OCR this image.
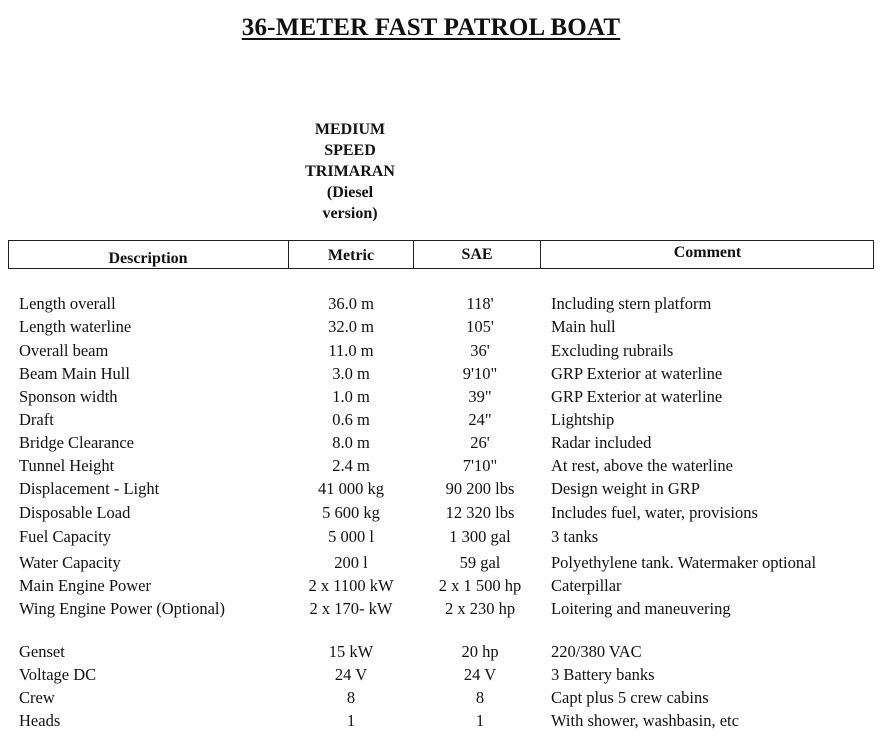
36-METER FAST PATROL BOAT
MEDIUM
SPEED
TRIMARAN
(Diesel
version)
Description	Metric	SAE	Comment
Length overall	36.0 m	118'	Including stern platform
Length waterline	32.0 m	105'	Main hull
Overall beam	11.0 m	36'	Excluding rubrails
Beam Main Hull	3.0 m	9'10"	GRP Exterior at waterline
Sponson width	1.0 m	39"	GRP Exterior at waterline
Draft	0.6 m	24"	Lightship
Bridge Clearance	8.0 m	26'	Radar included
Tunnel Height	2.4 m	7'10"	At rest, above the waterline
Displacement - Light	41 000 kg	90 200 lbs	Design weight in GRP
Disposable Load	5 600 kg	12 320 lbs	Includes fuel, water, provisions
Fuel Capacity	5 000 l	1 300 gal	3 tanks
Water Capacity	200 l	59 gal	Polyethylene tank. Watermaker optional
Main Engine Power	2 x 1100 kW	2 x 1 500 hp	Caterpillar
Wing Engine Power (Optional)	2 x 170- kW	2 x 230 hp	Loitering and maneuvering
Genset	15 kW	20 hp	220/380 VAC
Voltage DC	24 V	24 V	3 Battery banks
Crew	8	8	Capt plus 5 crew cabins
Heads	1	1	With shower, washbasin, etc
